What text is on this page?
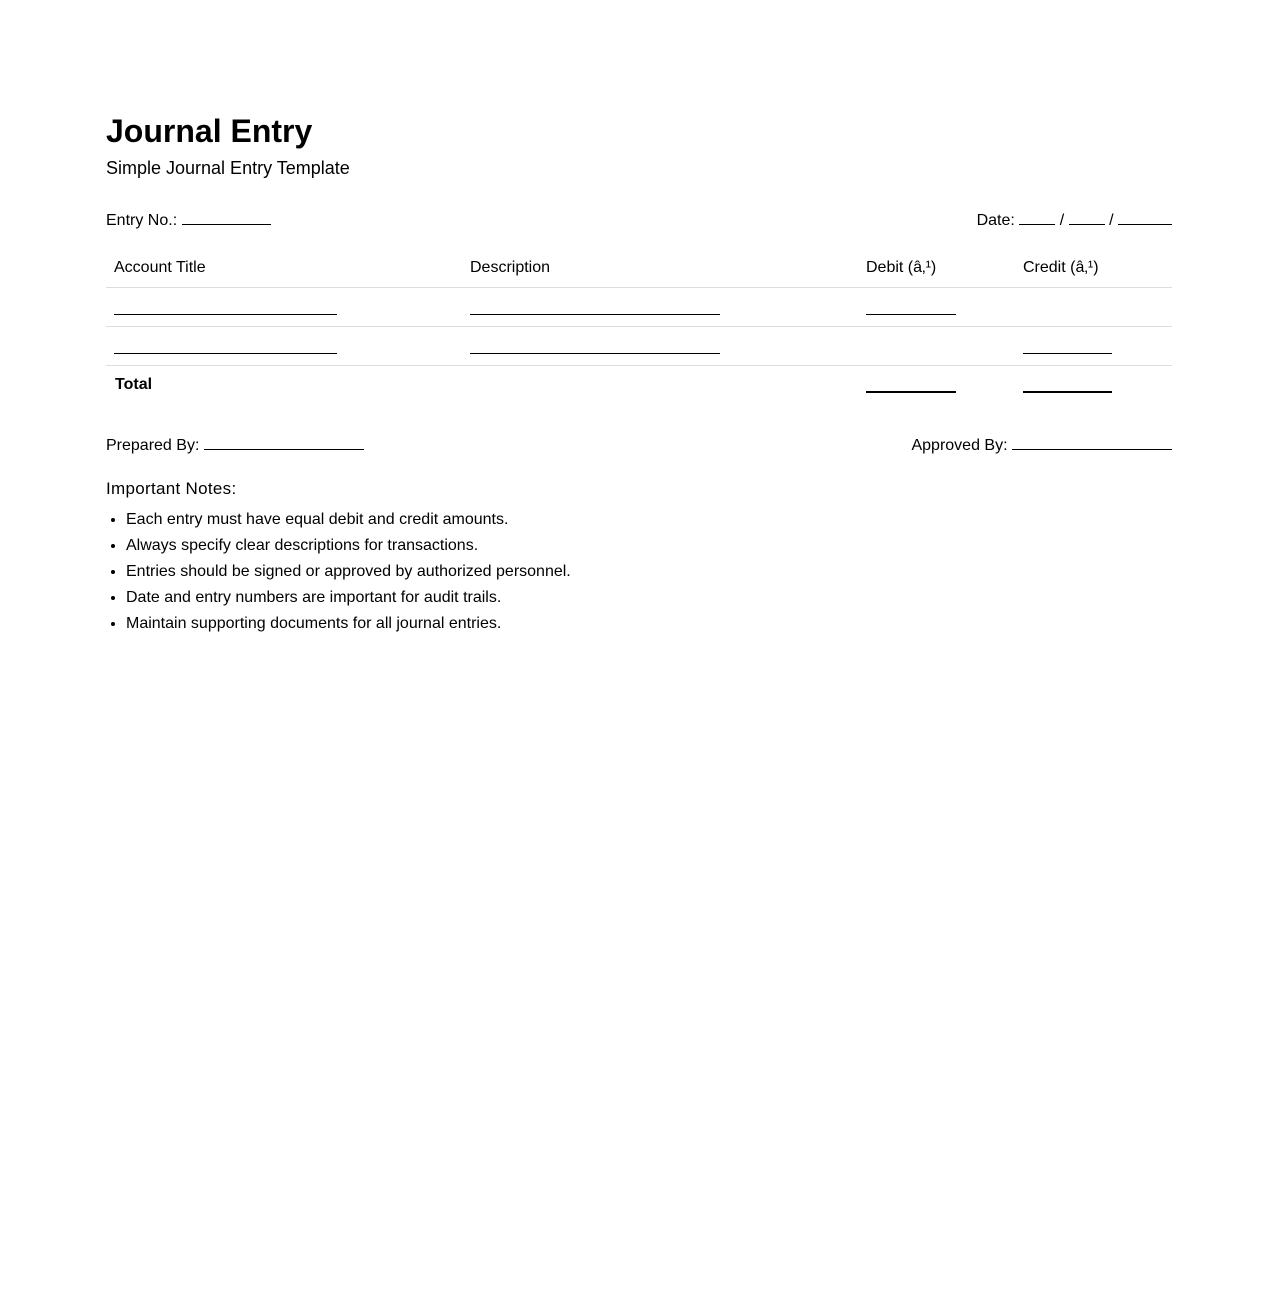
Journal Entry

Simple Journal Entry Template

Entry No.:	Date:	/	/
Account Title	Description	Debit (â‚¹)	Credit (â‚¹)

Total			

Prepared By:	Approved By:
Important Notes:
• Each entry must have equal debit and credit amounts.
• Always specify clear descriptions for transactions.
• Entries should be signed or approved by authorized personnel.
• Date and entry numbers are important for audit trails.
• Maintain supporting documents for all journal entries.
